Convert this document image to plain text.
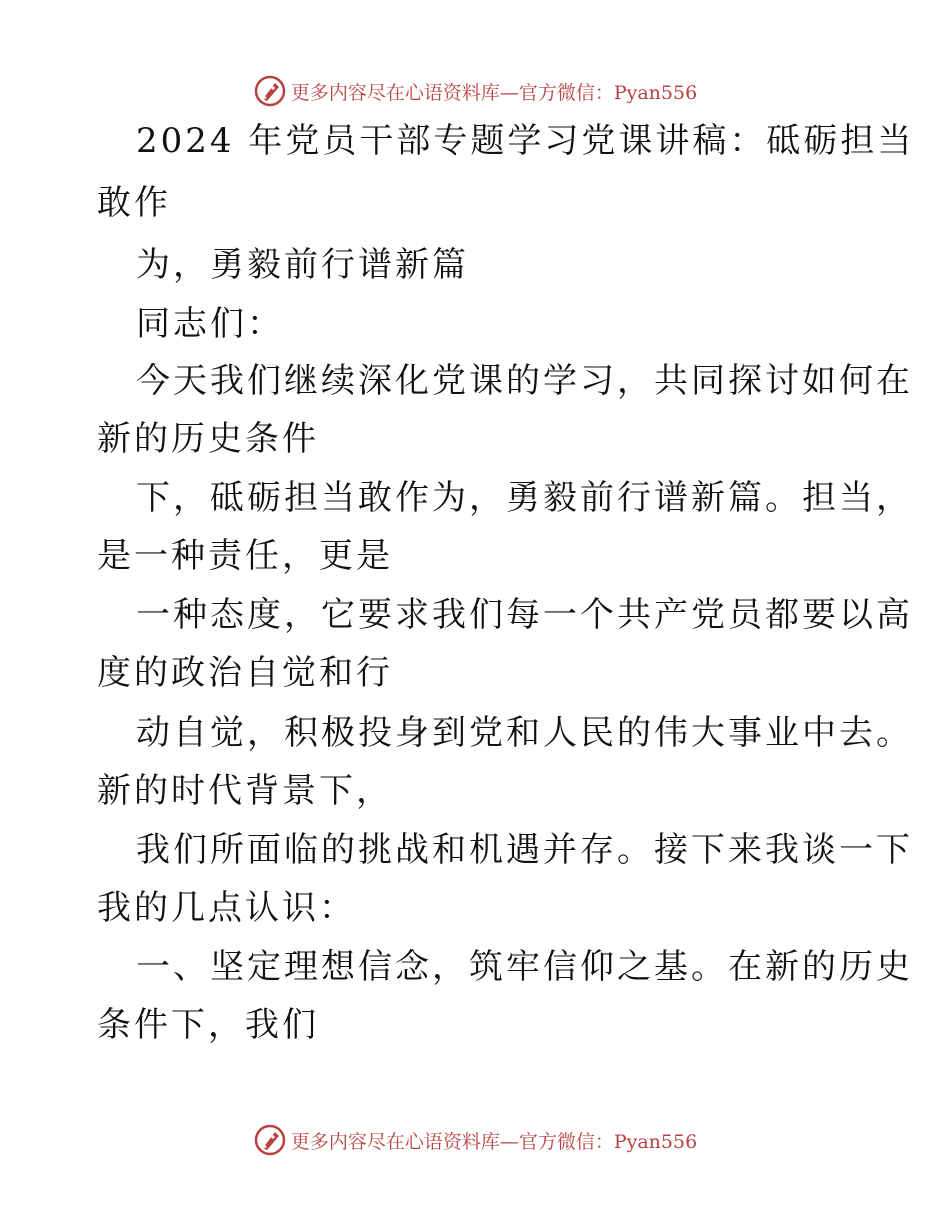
更多内容尽在心语资料库—官方微信：Pyan556
2024 年党员干部专题学习党课讲稿：砥砺担当
敢作
为，勇毅前行谱新篇
同志们：
今天我们继续深化党课的学习，共同探讨如何在
新的历史条件
下，砥砺担当敢作为，勇毅前行谱新篇。担当，
是一种责任，更是
一种态度，它要求我们每一个共产党员都要以高
度的政治自觉和行
动自觉，积极投身到党和人民的伟大事业中去。
新的时代背景下，
我们所面临的挑战和机遇并存。接下来我谈一下
我的几点认识：
一、坚定理想信念，筑牢信仰之基。在新的历史
条件下，我们
更多内容尽在心语资料库—官方微信：Pyan556
